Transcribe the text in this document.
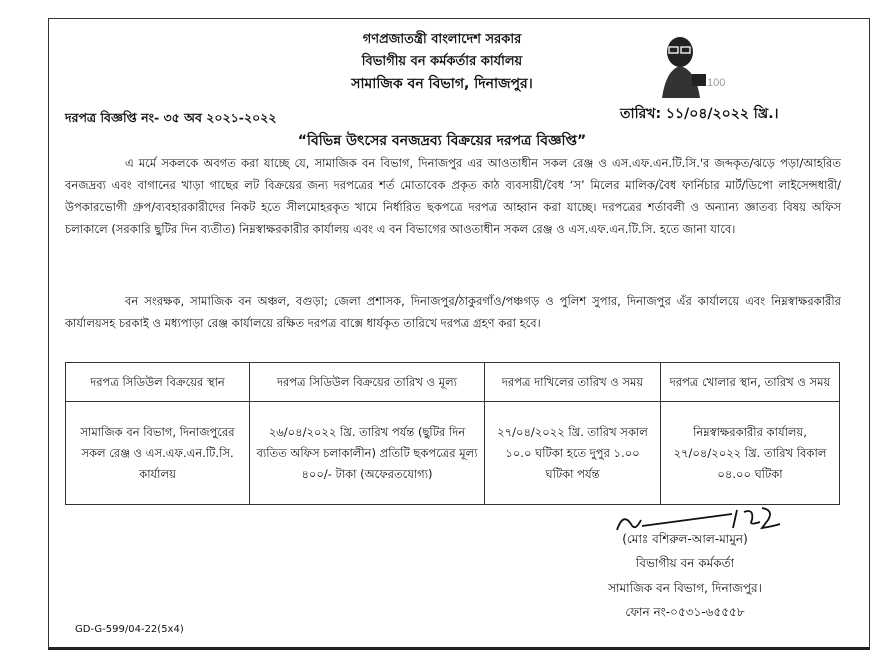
গণপ্রজাতন্ত্রী বাংলাদেশ সরকার
বিভাগীয় বন কর্মকর্তার কার্যালয়
সামাজিক বন বিভাগ, দিনাজপুর।	100
দরপত্র বিজ্ঞপ্তি নং- ৩৫ অব ২০২১-২০২২	তারিখ: ১১/০৪/২০২২ খ্রি.।
“বিভিন্ন উৎসের বনজদ্রব্য বিক্রয়ের দরপত্র বিজ্ঞপ্তি”
এ মর্মে সকলকে অবগত করা যাচ্ছে যে, সামাজিক বন বিভাগ, দিনাজপুর এর আওতাধীন সকল রেঞ্জ ও এস.এফ.এন.টি.সি.'র জব্দকৃত/ঝড়ে পড়া/আহরিত বনজদ্রব্য এবং বাগানের খাড়া গাছের লট বিক্রয়ের জন্য দরপত্রের শর্ত মোতাবেক প্রকৃত কাঠ ব্যবসায়ী/বৈধ ‘স’ মিলের মালিক/বৈধ ফার্নিচার মার্ট/ডিপো লাইসেন্সধারী/উপকারভোগী গ্রুপ/ব্যবহারকারীদের নিকট হতে সীলমোহরকৃত খামে নির্ধারিত ছকপত্রে দরপত্র আহ্বান করা যাচ্ছে। দরপত্রের শর্তাবলী ও অন্যান্য জ্ঞাতব্য বিষয় অফিস চলাকালে (সরকারি ছুটির দিন ব্যতীত) নিম্নস্বাক্ষরকারীর কার্যালয় এবং এ বন বিভাগের আওতাধীন সকল রেঞ্জ ও এস.এফ.এন.টি.সি. হতে জানা যাবে।
বন সংরক্ষক, সামাজিক বন অঞ্চল, বগুড়া; জেলা প্রশাসক, দিনাজপুর/ঠাকুরগাঁও/পঞ্চগড় ও পুলিশ সুপার, দিনাজপুর এঁর কার্যালয়ে এবং নিম্নস্বাক্ষরকারীর কার্যালয়সহ চরকাই ও মধ্যপাড়া রেঞ্জ কার্যালয়ে রক্ষিত দরপত্র বাক্সে ধার্যকৃত তারিখে দরপত্র গ্রহণ করা হবে।
দরপত্র সিডিউল বিক্রয়ের স্থান	দরপত্র সিডিউল বিক্রয়ের তারিখ ও মূল্য	দরপত্র দাখিলের তারিখ ও সময়	দরপত্র খোলার স্থান, তারিখ ও সময়
সামাজিক বন বিভাগ, দিনাজপুরের সকল রেঞ্জ ও এস.এফ.এন.টি.সি. কার্যালয়	২৬/০৪/২০২২ খ্রি. তারিখ পর্যন্ত (ছুটির দিন ব্যতিত অফিস চলাকালীন) প্রতিটি ছকপত্রের মূল্য ৪০০/- টাকা (অফেরতযোগ্য)	২৭/০৪/২০২২ খ্রি. তারিখ সকাল ১০.০ ঘটিকা হতে দুপুর ১.০০ ঘটিকা পর্যন্ত	নিম্নস্বাক্ষরকারীর কার্যালয়, ২৭/০৪/২০২২ খ্রি. তারিখ বিকাল ০৪.০০ ঘটিকা
(মোঃ বশিরুল-আল-মামুন)
বিভাগীয় বন কর্মকর্তা
সামাজিক বন বিভাগ, দিনাজপুর।
ফোন নং-০৫৩১-৬৫৫৫৮
GD-G-599/04-22(5x4)
